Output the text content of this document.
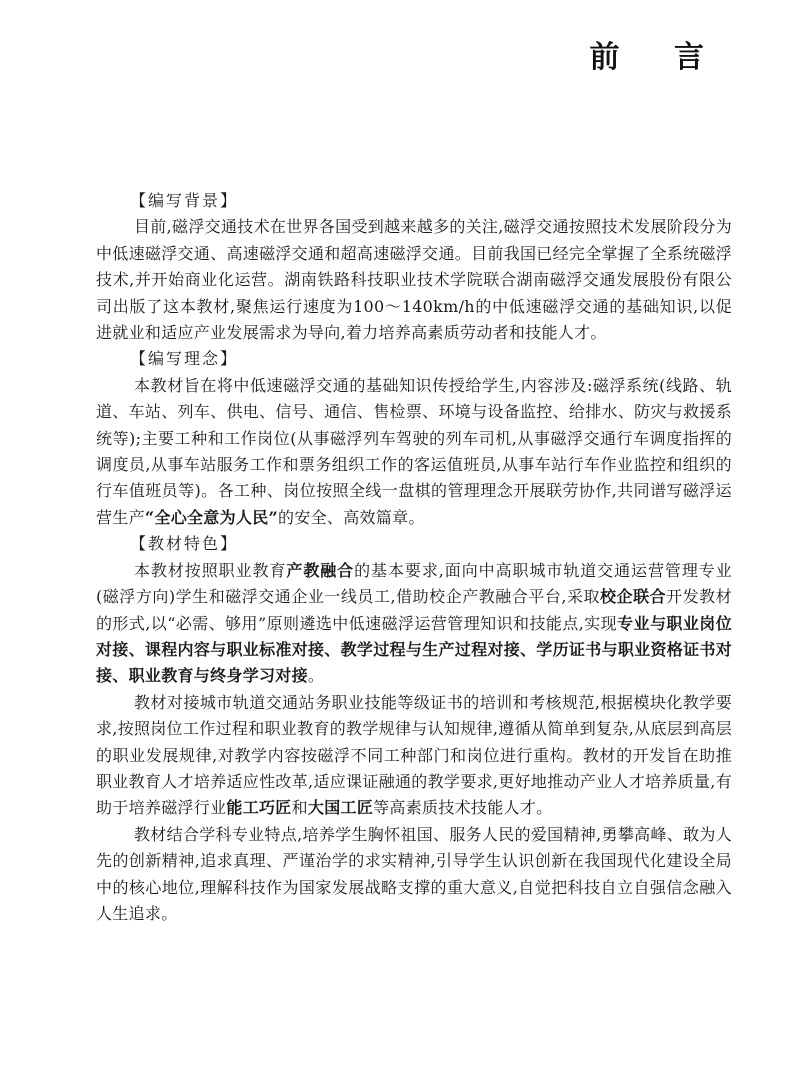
前 言

【编写背景】

目前,磁浮交通技术在世界各国受到越来越多的关注,磁浮交通按照技术发展阶段分为中低速磁浮交通、高速磁浮交通和超高速磁浮交通。目前我国已经完全掌握了全系统磁浮技术,并开始商业化运营。湖南铁路科技职业技术学院联合湖南磁浮交通发展股份有限公司出版了这本教材,聚焦运行速度为100～140km/h的中低速磁浮交通的基础知识,以促进就业和适应产业发展需求为导向,着力培养高素质劳动者和技能人才。

【编写理念】

本教材旨在将中低速磁浮交通的基础知识传授给学生,内容涉及:磁浮系统(线路、轨道、车站、列车、供电、信号、通信、售检票、环境与设备监控、给排水、防灾与救援系统等);主要工种和工作岗位(从事磁浮列车驾驶的列车司机,从事磁浮交通行车调度指挥的调度员,从事车站服务工作和票务组织工作的客运值班员,从事车站行车作业监控和组织的行车值班员等)。各工种、岗位按照全线一盘棋的管理理念开展联劳协作,共同谱写磁浮运营生产“全心全意为人民”的安全、高效篇章。

【教材特色】

本教材按照职业教育产教融合的基本要求,面向中高职城市轨道交通运营管理专业(磁浮方向)学生和磁浮交通企业一线员工,借助校企产教融合平台,采取校企联合开发教材的形式,以“必需、够用”原则遴选中低速磁浮运营管理知识和技能点,实现专业与职业岗位对接、课程内容与职业标准对接、教学过程与生产过程对接、学历证书与职业资格证书对接、职业教育与终身学习对接。

教材对接城市轨道交通站务职业技能等级证书的培训和考核规范,根据模块化教学要求,按照岗位工作过程和职业教育的教学规律与认知规律,遵循从简单到复杂,从底层到高层的职业发展规律,对教学内容按磁浮不同工种部门和岗位进行重构。教材的开发旨在助推职业教育人才培养适应性改革,适应课证融通的教学要求,更好地推动产业人才培养质量,有助于培养磁浮行业能工巧匠和大国工匠等高素质技术技能人才。

教材结合学科专业特点,培养学生胸怀祖国、服务人民的爱国精神,勇攀高峰、敢为人先的创新精神,追求真理、严谨治学的求实精神,引导学生认识创新在我国现代化建设全局中的核心地位,理解科技作为国家发展战略支撑的重大意义,自觉把科技自立自强信念融入人生追求。
